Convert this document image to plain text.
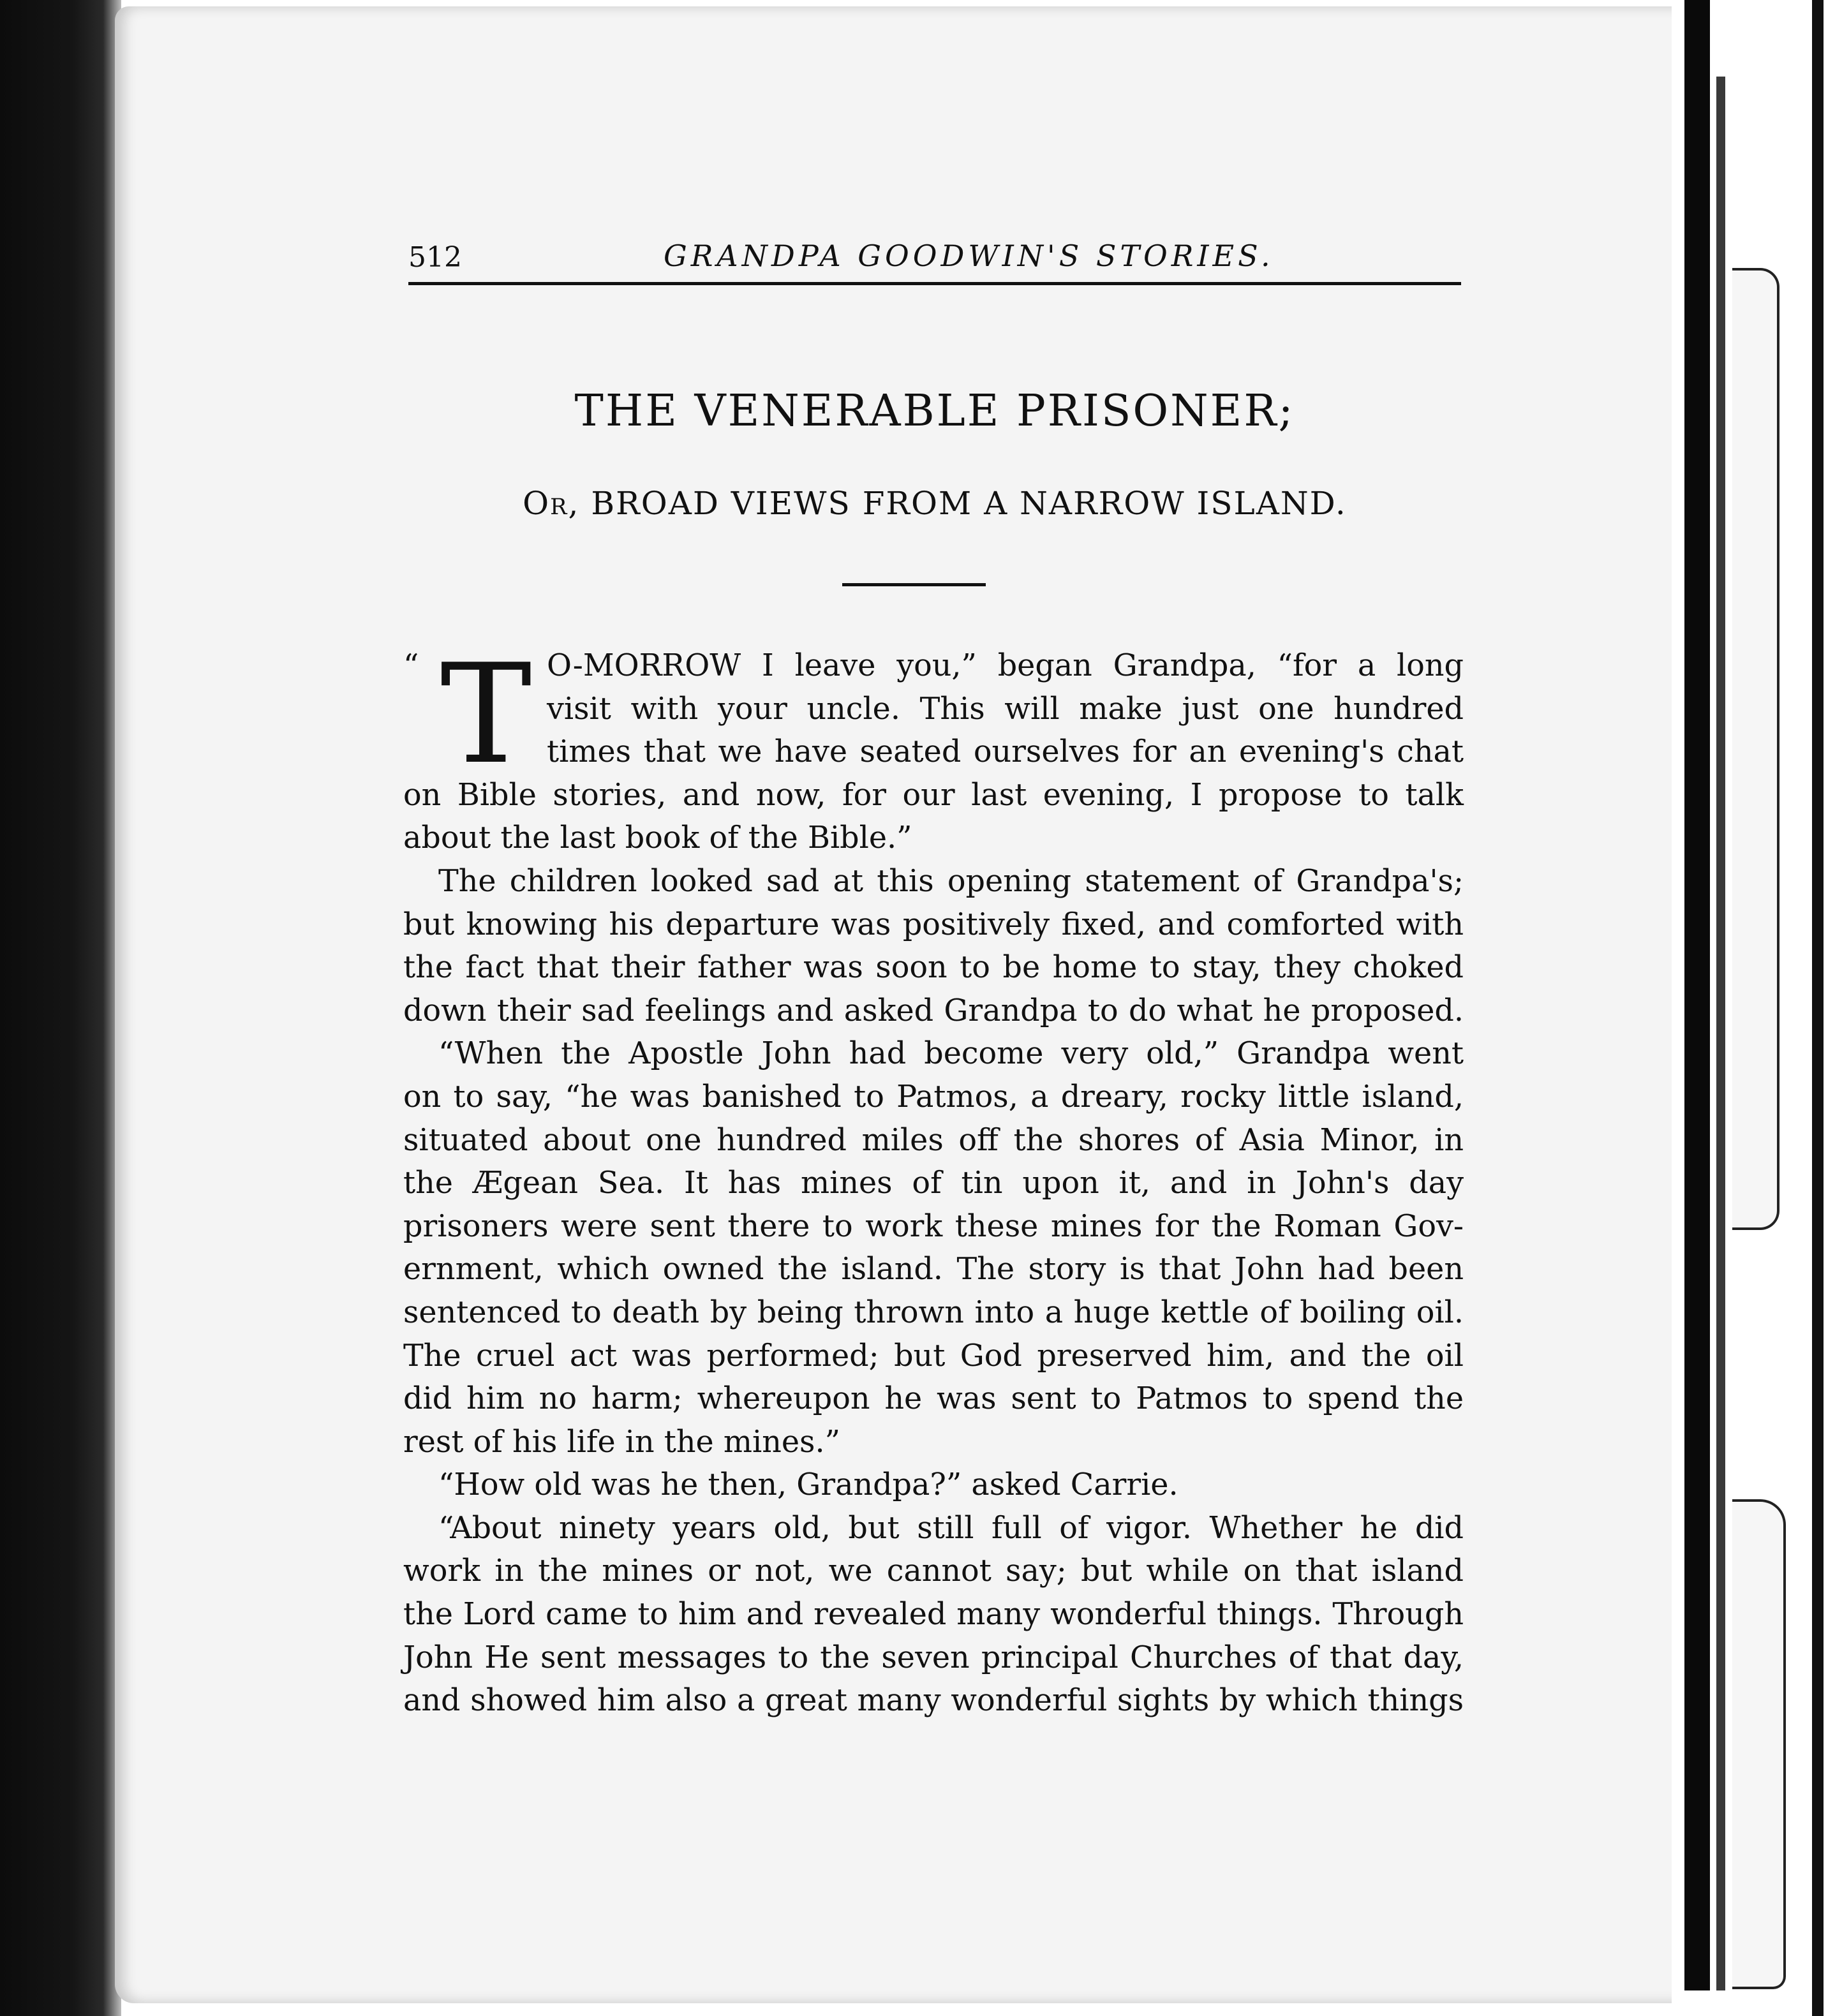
512	GRANDPA GOODWIN'S STORIES.
THE VENERABLE PRISONER;
Or, BROAD VIEWS FROM A NARROW ISLAND.
“ T O-MORROW I leave you,” began Grandpa, “for a long
visit with your uncle. This will make just one hundred
times that we have seated ourselves for an evening's chat
on Bible stories, and now, for our last evening, I propose to talk
about the last book of the Bible.”
The children looked sad at this opening statement of Grandpa's;
but knowing his departure was positively fixed, and comforted with
the fact that their father was soon to be home to stay, they choked
down their sad feelings and asked Grandpa to do what he proposed.
“When the Apostle John had become very old,” Grandpa went
on to say, “he was banished to Patmos, a dreary, rocky little island,
situated about one hundred miles off the shores of Asia Minor, in
the Ægean Sea. It has mines of tin upon it, and in John's day
prisoners were sent there to work these mines for the Roman Gov-
ernment, which owned the island. The story is that John had been
sentenced to death by being thrown into a huge kettle of boiling oil.
The cruel act was performed; but God preserved him, and the oil
did him no harm; whereupon he was sent to Patmos to spend the
rest of his life in the mines.”
“How old was he then, Grandpa?” asked Carrie.
“About ninety years old, but still full of vigor. Whether he did
work in the mines or not, we cannot say; but while on that island
the Lord came to him and revealed many wonderful things. Through
John He sent messages to the seven principal Churches of that day,
and showed him also a great many wonderful sights by which things
